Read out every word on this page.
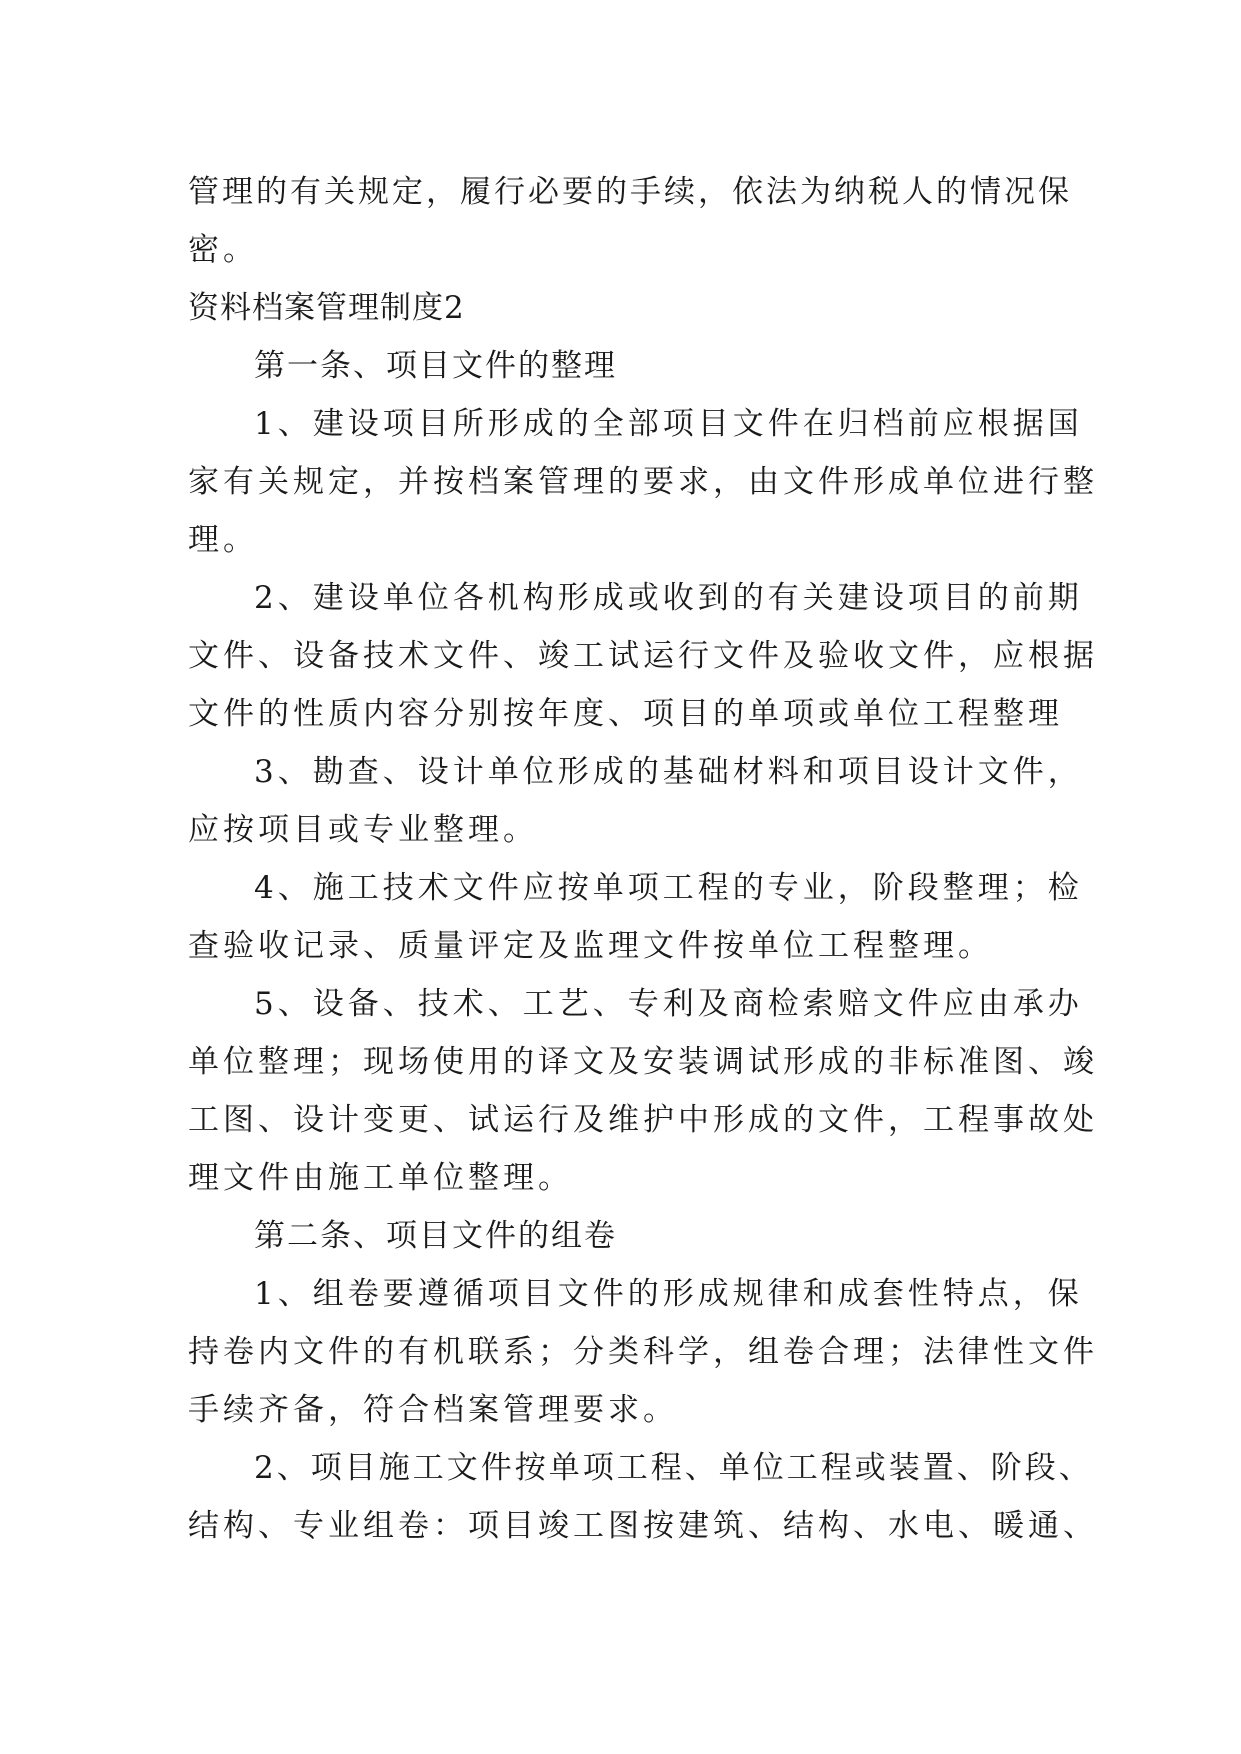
管理的有关规定，履行必要的手续，依法为纳税人的情况保

密。

资料档案管理制度2

第一条、项目文件的整理

1、建设项目所形成的全部项目文件在归档前应根据国

家有关规定，并按档案管理的要求，由文件形成单位进行整

理。

2、建设单位各机构形成或收到的有关建设项目的前期

文件、设备技术文件、竣工试运行文件及验收文件，应根据

文件的性质内容分别按年度、项目的单项或单位工程整理

3、勘查、设计单位形成的基础材料和项目设计文件，

应按项目或专业整理。

4、施工技术文件应按单项工程的专业，阶段整理；检

查验收记录、质量评定及监理文件按单位工程整理。

5、设备、技术、工艺、专利及商检索赔文件应由承办

单位整理；现场使用的译文及安装调试形成的非标准图、竣

工图、设计变更、试运行及维护中形成的文件，工程事故处

理文件由施工单位整理。

第二条、项目文件的组卷

1、组卷要遵循项目文件的形成规律和成套性特点，保

持卷内文件的有机联系；分类科学，组卷合理；法律性文件

手续齐备，符合档案管理要求。

2、项目施工文件按单项工程、单位工程或装置、阶段、

结构、专业组卷：项目竣工图按建筑、结构、水电、暖通、
